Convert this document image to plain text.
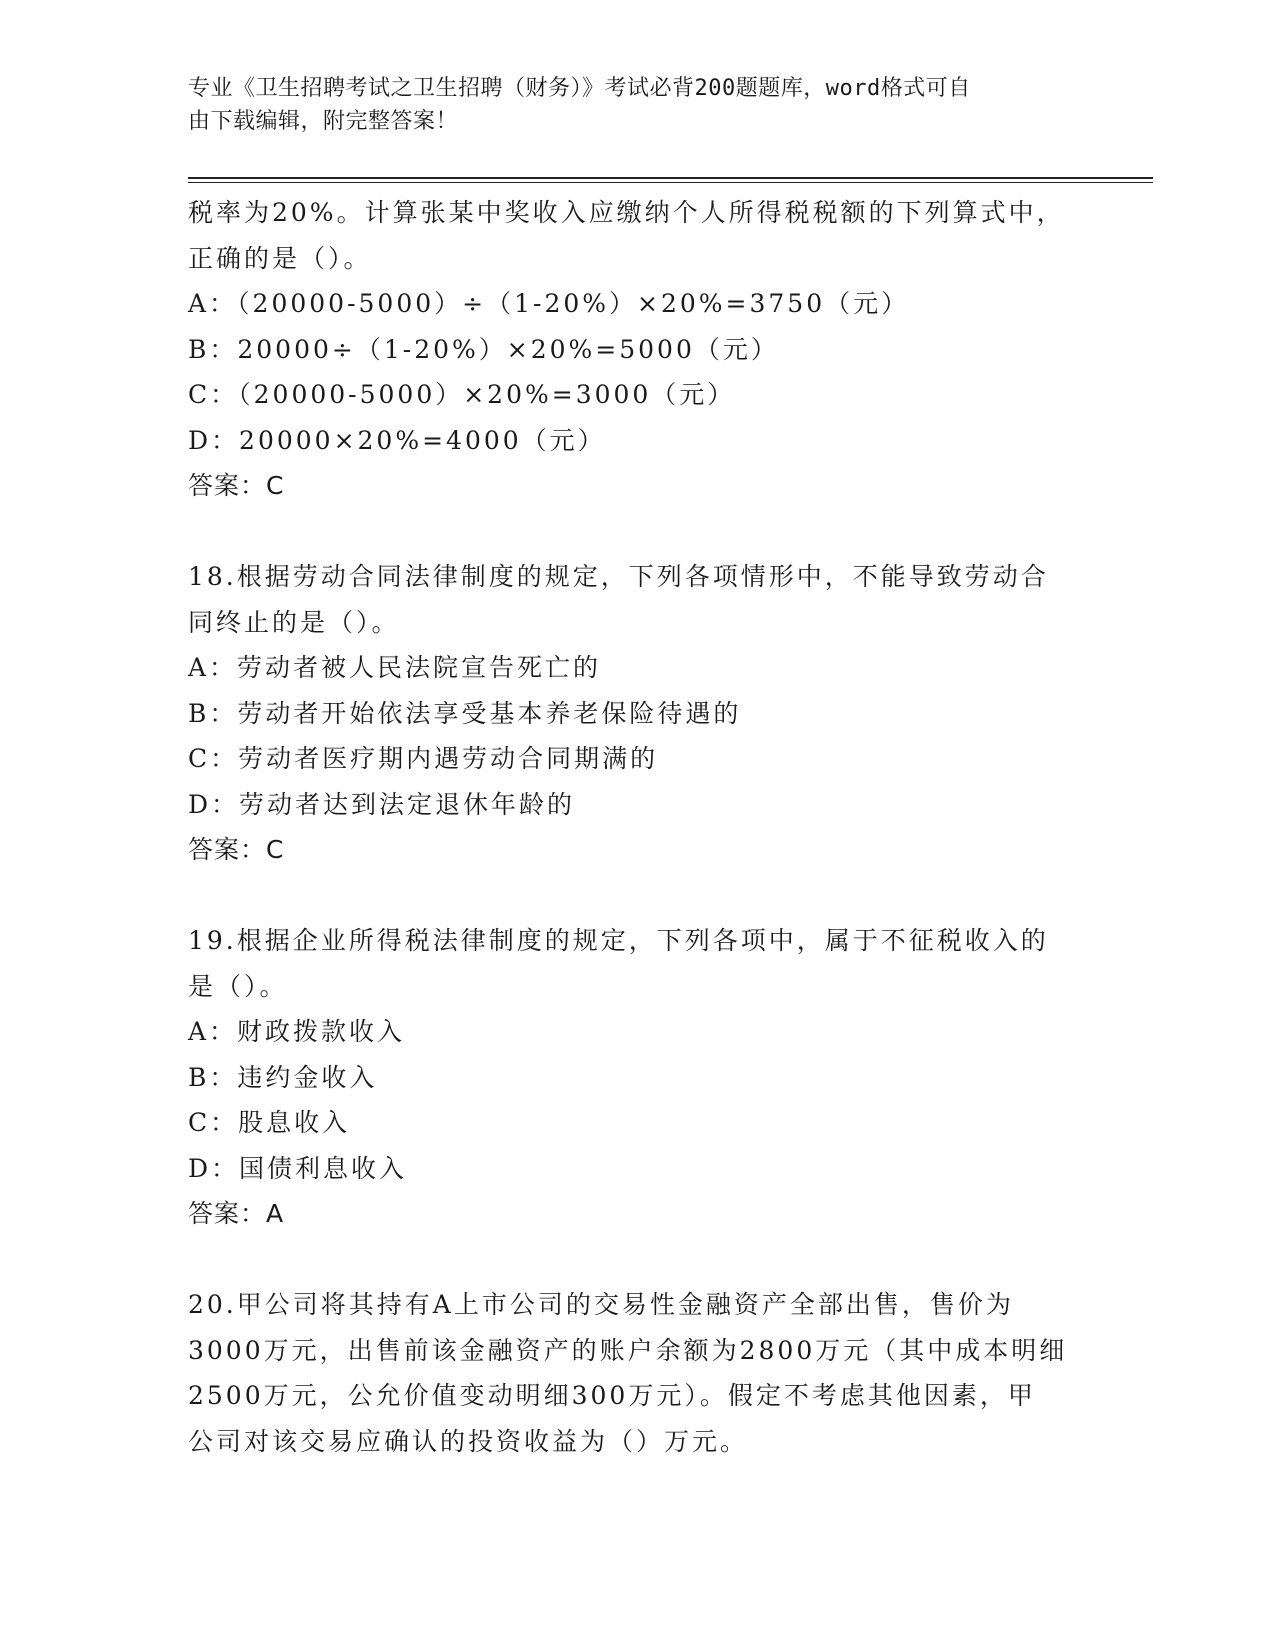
专业《卫生招聘考试之卫生招聘（财务）》考试必背200题题库，word格式可自
由下载编辑，附完整答案！
税率为20%。计算张某中奖收入应缴纳个人所得税税额的下列算式中，
正确的是（）。
A：（20000-5000）÷（1-20%）×20%=3750（元）
B：20000÷（1-20%）×20%=5000（元）
C：（20000-5000）×20%=3000（元）
D：20000×20%=4000（元）
答案：C
18.根据劳动合同法律制度的规定，下列各项情形中，不能导致劳动合
同终止的是（）。
A：劳动者被人民法院宣告死亡的
B：劳动者开始依法享受基本养老保险待遇的
C：劳动者医疗期内遇劳动合同期满的
D：劳动者达到法定退休年龄的
答案：C
19.根据企业所得税法律制度的规定，下列各项中，属于不征税收入的
是（）。
A：财政拨款收入
B：违约金收入
C：股息收入
D：国债利息收入
答案：A
20.甲公司将其持有A上市公司的交易性金融资产全部出售，售价为
3000万元，出售前该金融资产的账户余额为2800万元（其中成本明细
2500万元，公允价值变动明细300万元）。假定不考虑其他因素，甲
公司对该交易应确认的投资收益为（）万元。
